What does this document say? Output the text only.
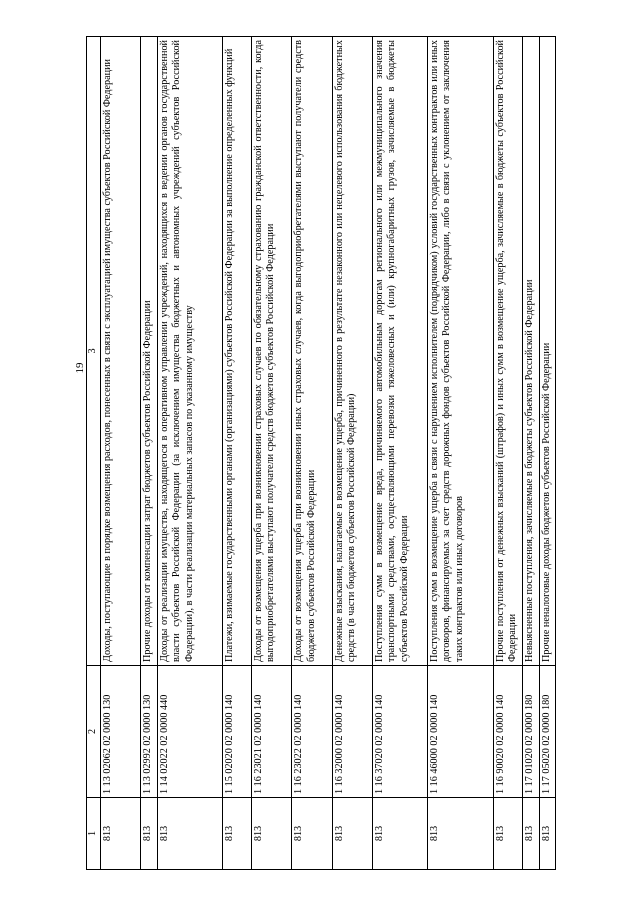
19
1	2	3
813	1 13 02062 02 0000 130	Доходы, поступающие в порядке возмещения расходов, понесенных в связи с эксплуатацией имущества субъектов Российской Федерации
813	1 13 02992 02 0000 130	Прочие доходы от компенсации затрат бюджетов субъектов Российской Федерации
813	1 14 02022 02 0000 440	Доходы от реализации имущества, находящегося в оперативном управлении учреждений, находящихся в ведении органов государственной власти субъектов Российской Федерации (за исключением имущества бюджетных и автономных учреждений субъектов Российской Федерации), в части реализации материальных запасов по указанному имуществу
813	1 15 02020 02 0000 140	Платежи, взимаемые государственными органами (организациями) субъектов Российской Федерации за выполнение определенных функций
813	1 16 23021 02 0000 140	Доходы от возмещения ущерба при возникновении страховых случаев по обязательному страхованию гражданской ответственности, когда выгодоприобретателями выступают получатели средств бюджетов субъектов Российской Федерации
813	1 16 23022 02 0000 140	Доходы от возмещения ущерба при возникновении иных страховых случаев, когда выгодоприобретателями выступают получатели средств бюджетов субъектов Российской Федерации
813	1 16 32000 02 0000 140	Денежные взыскания, налагаемые в возмещение ущерба, причиненного в результате незаконного или нецелевого использования бюджетных средств (в части бюджетов субъектов Российской Федерации)
813	1 16 37020 02 0000 140	Поступления сумм в возмещение вреда, причиняемого автомобильным дорогам регионального или межмуниципального значения транспортными средствами, осуществляющими перевозки тяжеловесных и (или) крупногабаритных грузов, зачисляемые в бюджеты субъектов Российской Федерации
813	1 16 46000 02 0000 140	Поступления сумм в возмещение ущерба в связи с нарушением исполнителем (подрядчиком) условий государственных контрактов или иных договоров, финансируемых за счет средств дорожных фондов субъектов Российской Федерации, либо в связи с уклонением от заключения таких контрактов или иных договоров
813	1 16 90020 02 0000 140	Прочие поступления от денежных взысканий (штрафов) и иных сумм в возмещение ущерба, зачисляемые в бюджеты субъектов Российской Федерации
813	1 17 01020 02 0000 180	Невыясненные поступления, зачисляемые в бюджеты субъектов Российской Федерации
813	1 17 05020 02 0000 180	Прочие неналоговые доходы бюджетов субъектов Российской Федерации
